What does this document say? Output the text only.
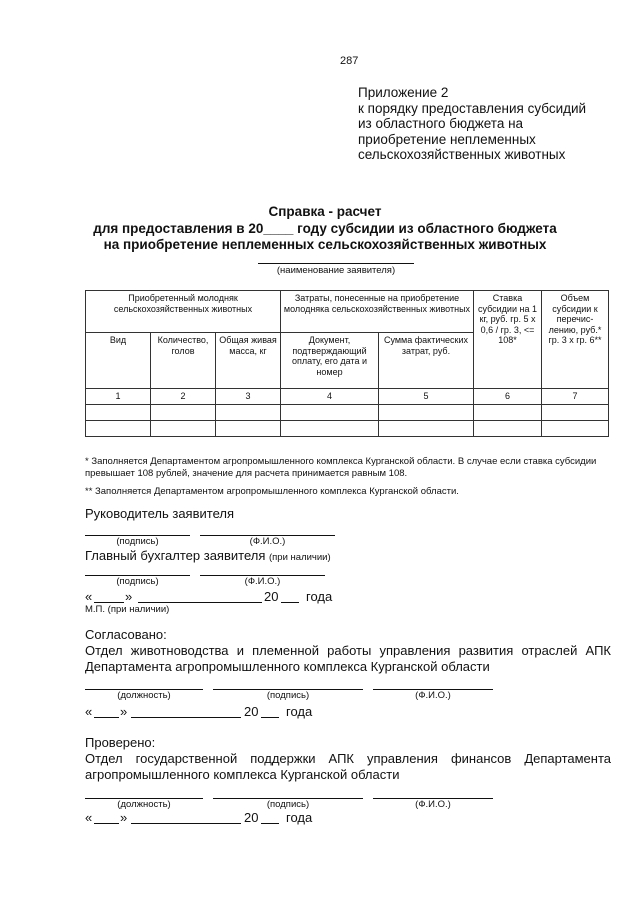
287
Приложение 2
к порядку предоставления субсидий
из областного бюджета на
приобретение неплеменных
сельскохозяйственных животных
Справка - расчет
для предоставления в 20____ году субсидии из областного бюджета
на приобретение неплеменных сельскохозяйственных животных
(наименование заявителя)
Приобретенный молодняк сельскохозяйственных животных			Затраты, понесенные на приобретение молодняка сельскохозяйственных животных		Ставка субсидии на 1 кг, руб. гр. 5 х 0,6 / гр. 3, <= 108*	Объем субсидии к перечис- лению, руб.* гр. 3 х гр. 6**
Вид	Количество, голов	Общая живая масса, кг	Документ, подтверждающий оплату, его дата и номер	Сумма фактических затрат, руб.		
1	2	3	4	5	6	7

* Заполняется Департаментом агропромышленного комплекса Курганской области. В случае если ставка субсидии превышает 108 рублей, значение для расчета принимается равным 108.
** Заполняется Департаментом агропромышленного комплекса Курганской области.
Руководитель заявителя
(подпись)	(Ф.И.О.)
Главный бухгалтер заявителя (при наличии)
(подпись)	(Ф.И.О.)
«	»	20 года
М.П. (при наличии)
Согласовано:
Отдел животноводства и племенной работы управления развития отраслей АПК
Департамента агропромышленного комплекса Курганской области
(должность)	(подпись)	(Ф.И.О.)
« »	20 года
Проверено:
Отдел государственной поддержки АПК управления финансов Департамента
агропромышленного комплекса Курганской области
(должность)	(подпись)	(Ф.И.О.)
« »	20 года
